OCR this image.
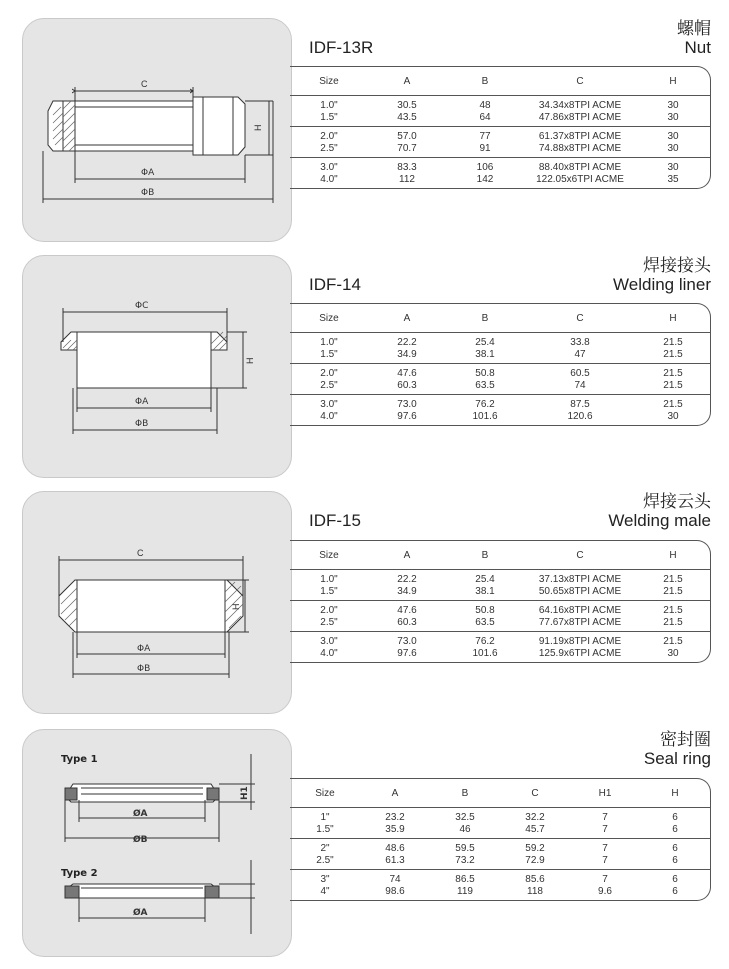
C
ΦA
ΦB
H
螺帽
IDF-13R	Nut
Size	A	B	C	H
1.0"	30.5	48	34.34x8TPI ACME	30
1.5"	43.5	64	47.86x8TPI ACME	30
2.0"	57.0	77	61.37x8TPI ACME	30
2.5"	70.7	91	74.88x8TPI ACME	30
3.0"	83.3	106	88.40x8TPI ACME	30
4.0"	112	142	122.05x6TPI ACME	35
ΦC
ΦA
ΦB
H
焊接接头
IDF-14	Welding liner
Size	A	B	C	H
1.0"	22.2	25.4	33.8	21.5
1.5"	34.9	38.1	47	21.5
2.0"	47.6	50.8	60.5	21.5
2.5"	60.3	63.5	74	21.5
3.0"	73.0	76.2	87.5	21.5
4.0"	97.6	101.6	120.6	30
C
ΦA
ΦB
H
焊接云头
IDF-15	Welding male
Size	A	B	C	H
1.0"	22.2	25.4	37.13x8TPI ACME	21.5
1.5"	34.9	38.1	50.65x8TPI ACME	21.5
2.0"	47.6	50.8	64.16x8TPI ACME	21.5
2.5"	60.3	63.5	77.67x8TPI ACME	21.5
3.0"	73.0	76.2	91.19x8TPI ACME	21.5
4.0"	97.6	101.6	125.9x6TPI ACME	30
Type 1
Type 2
ØA
ØB
ØA
H1
密封圈
Seal ring
Size	A	B	C	H1	H
1"	23.2	32.5	32.2	7	6
1.5"	35.9	46	45.7	7	6
2"	48.6	59.5	59.2	7	6
2.5"	61.3	73.2	72.9	7	6
3"	74	86.5	85.6	7	6
4"	98.6	119	118	9.6	6
